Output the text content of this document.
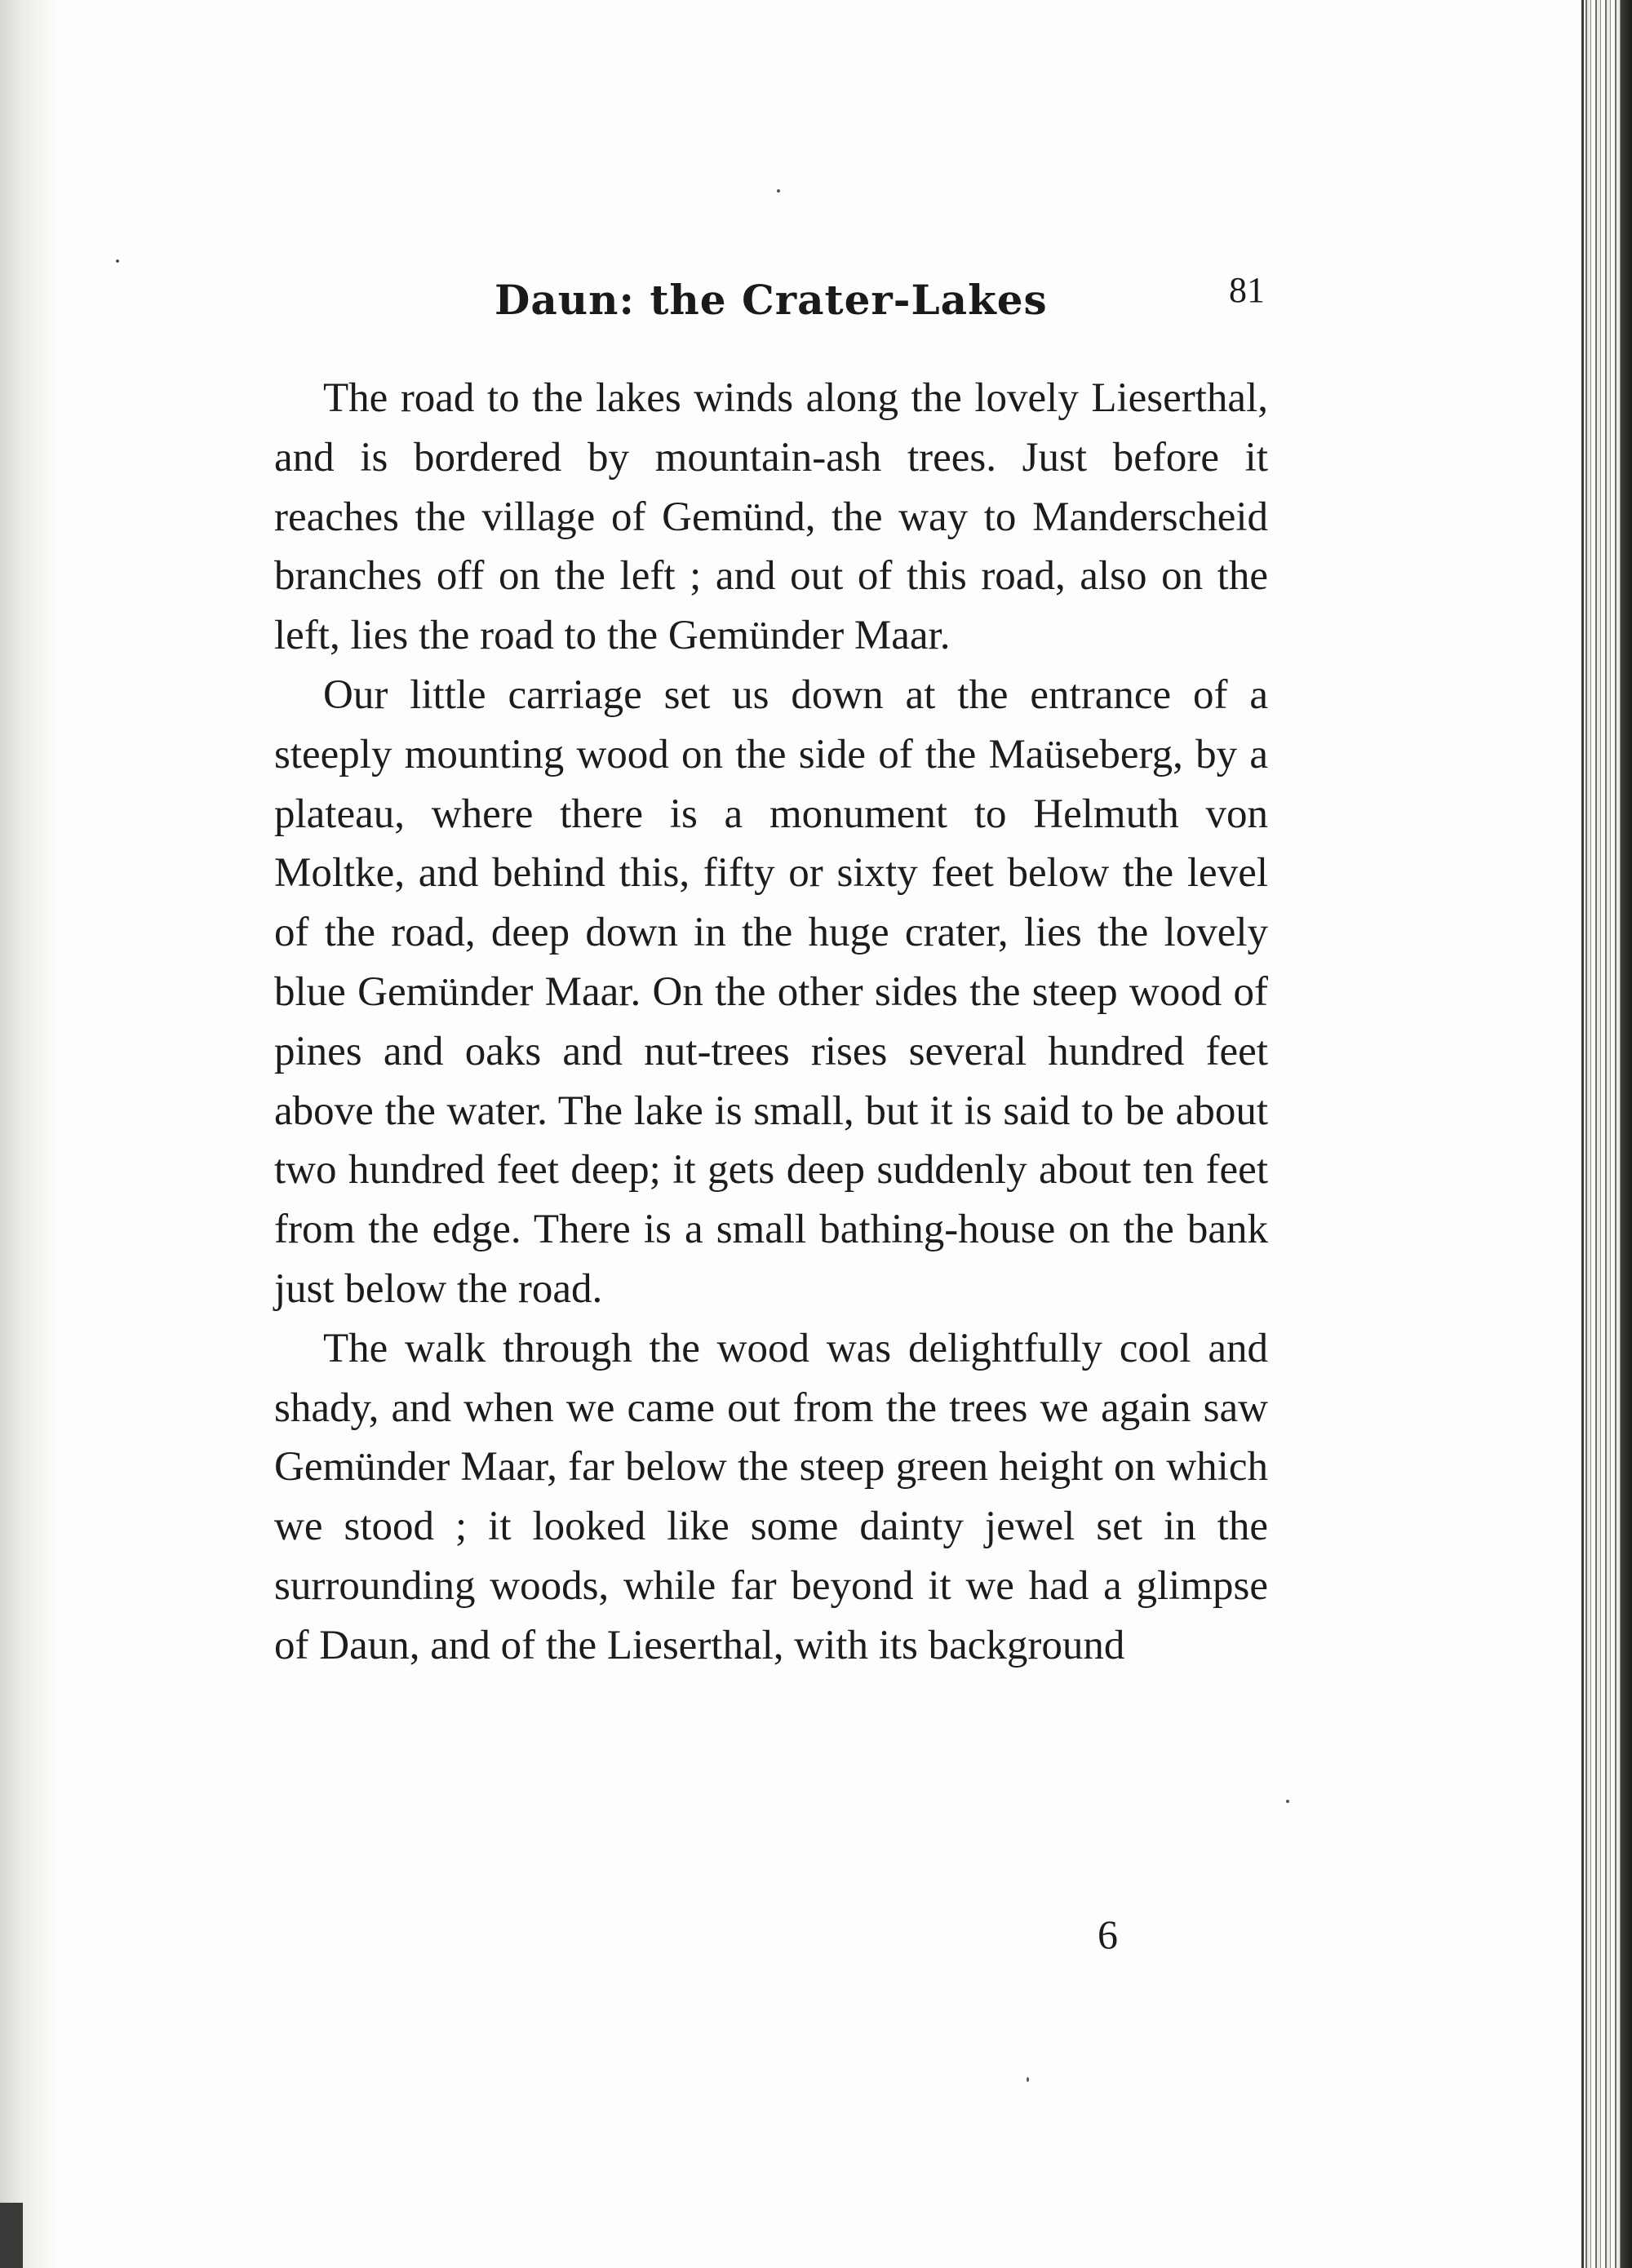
Daun: the Crater-Lakes	81

The road to the lakes winds along the lovely Lieserthal, and is bordered by mountain-ash trees. Just before it reaches the village of Gemünd, the way to Manderscheid branches off on the left ; and out of this road, also on the left, lies the road to the Gemünder Maar.

Our little carriage set us down at the entrance of a steeply mounting wood on the side of the Maüseberg, by a plateau, where there is a monument to Helmuth von Moltke, and behind this, fifty or sixty feet below the level of the road, deep down in the huge crater, lies the lovely blue Gemünder Maar. On the other sides the steep wood of pines and oaks and nut-trees rises several hundred feet above the water. The lake is small, but it is said to be about two hundred feet deep; it gets deep suddenly about ten feet from the edge. There is a small bathing-house on the bank just below the road.

The walk through the wood was delightfully cool and shady, and when we came out from the trees we again saw Gemünder Maar, far below the steep green height on which we stood ; it looked like some dainty jewel set in the surrounding woods, while far beyond it we had a glimpse of Daun, and of the Lieserthal, with its background

6
